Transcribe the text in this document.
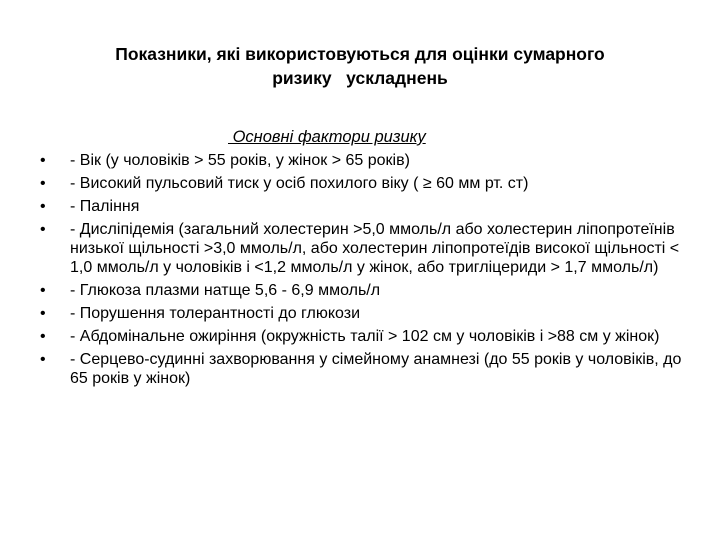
Показники, які використовуються для оцінки сумарного
ризику   ускладнень
Основні фактори ризику
•	- Вік (у чоловіків > 55 років, у жінок > 65 років)
•	- Високий пульсовий тиск у осіб похилого віку ( ≥ 60 мм рт. ст)
•	- Паління
•	- Дисліпідемія (загальний холестерин >5,0 ммоль/л або холестерин ліпопротеїнів низької щільності >3,0 ммоль/л, або холестерин ліпопротеїдів високої щільності < 1,0 ммоль/л у чоловіків і <1,2 ммоль/л у жінок, або тригліцериди > 1,7 ммоль/л)
•	- Глюкоза плазми натще 5,6 - 6,9 ммоль/л
•	- Порушення толерантності до глюкози
•	- Абдомінальне ожиріння (окружність талії > 102 см у чоловіків і >88 см у жінок)
•	- Серцево-судинні захворювання у сімейному анамнезі (до 55 років у чоловіків, до 65 років у жінок)
